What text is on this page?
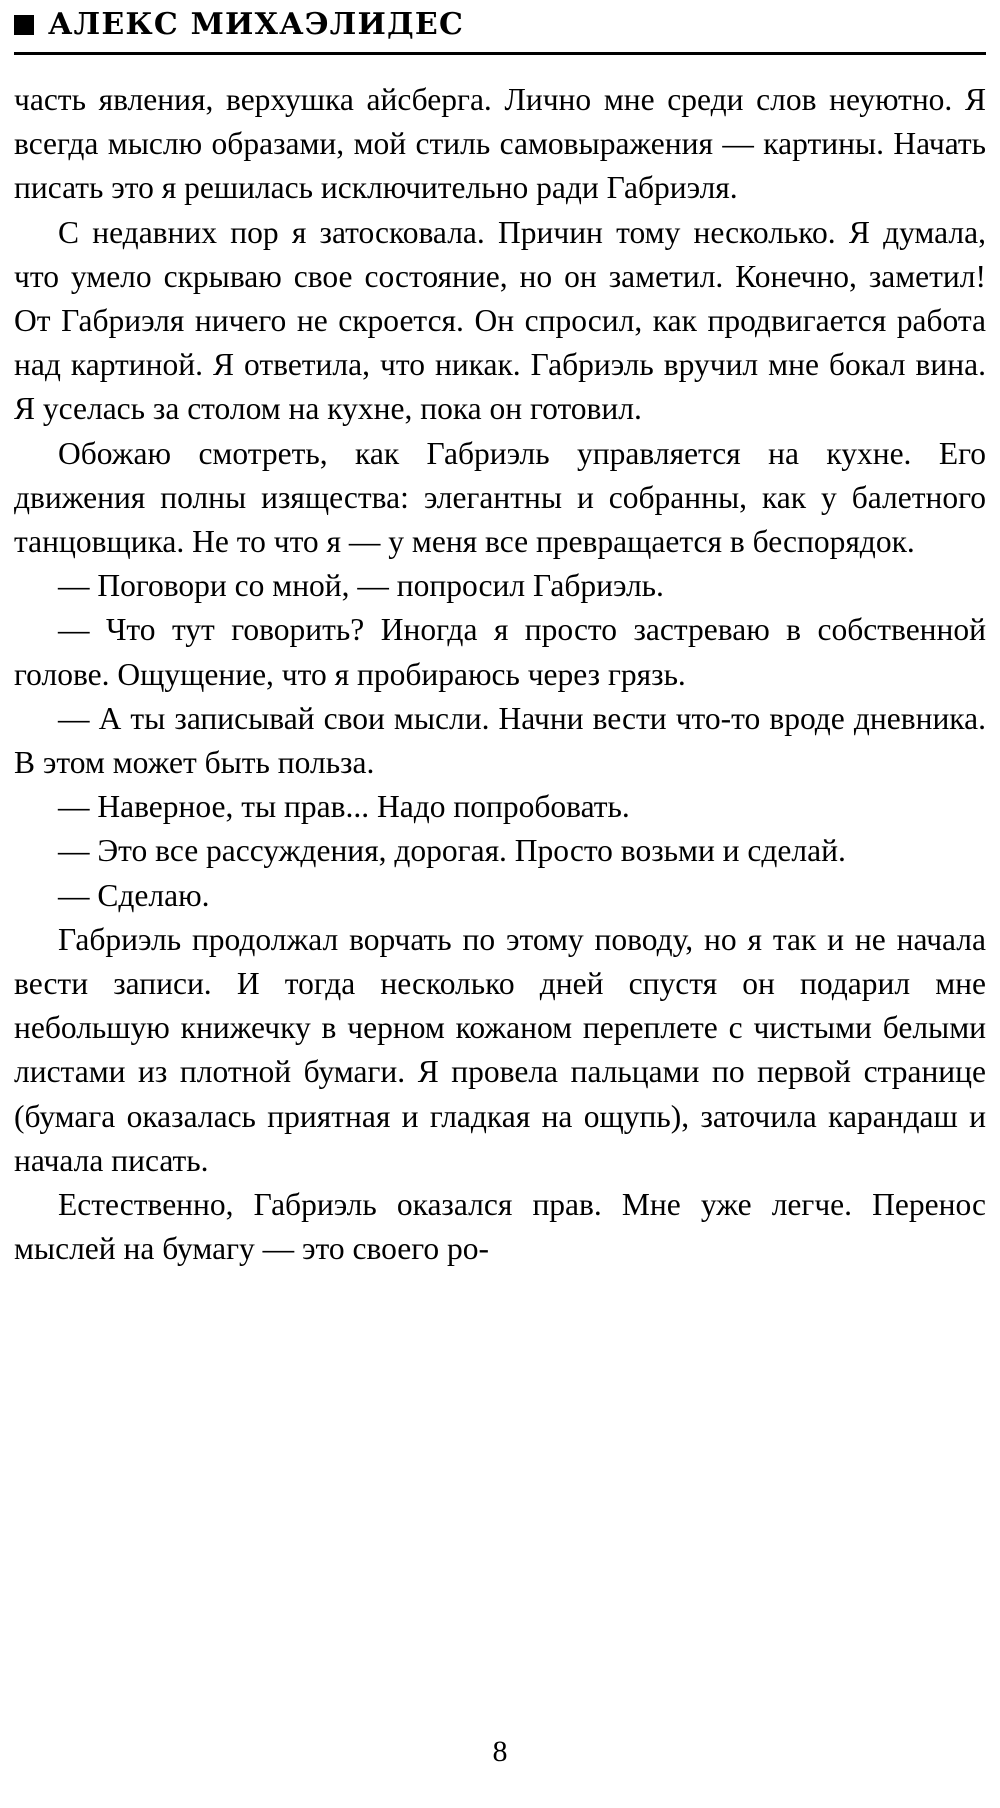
АЛЕКС МИХАЭЛИДЕС

часть явления, верхушка айсберга. Лично мне среди слов неуютно. Я всегда мыслю образами, мой стиль самовыражения — картины. Начать писать это я решилась исключительно ради Габриэля.

С недавних пор я затосковала. Причин тому несколько. Я думала, что умело скрываю свое состояние, но он заметил. Конечно, заметил! От Габриэля ничего не скроется. Он спросил, как продвигается работа над картиной. Я ответила, что никак. Габриэль вручил мне бокал вина. Я уселась за столом на кухне, пока он готовил.

Обожаю смотреть, как Габриэль управляется на кухне. Его движения полны изящества: элегантны и собранны, как у балетного танцовщика. Не то что я — у меня все превращается в беспорядок.

— Поговори со мной, — попросил Габриэль.

— Что тут говорить? Иногда я просто застреваю в собственной голове. Ощущение, что я пробираюсь через грязь.

— А ты записывай свои мысли. Начни вести что-то вроде дневника. В этом может быть польза.

— Наверное, ты прав... Надо попробовать.

— Это все рассуждения, дорогая. Просто возьми и сделай.

— Сделаю.

Габриэль продолжал ворчать по этому поводу, но я так и не начала вести записи. И тогда несколько дней спустя он подарил мне небольшую книжечку в черном кожаном переплете с чистыми белыми листами из плотной бумаги. Я провела пальцами по первой странице (бумага оказалась приятная и гладкая на ощупь), заточила карандаш и начала писать.

Естественно, Габриэль оказался прав. Мне уже легче. Перенос мыслей на бумагу — это своего ро-

8
